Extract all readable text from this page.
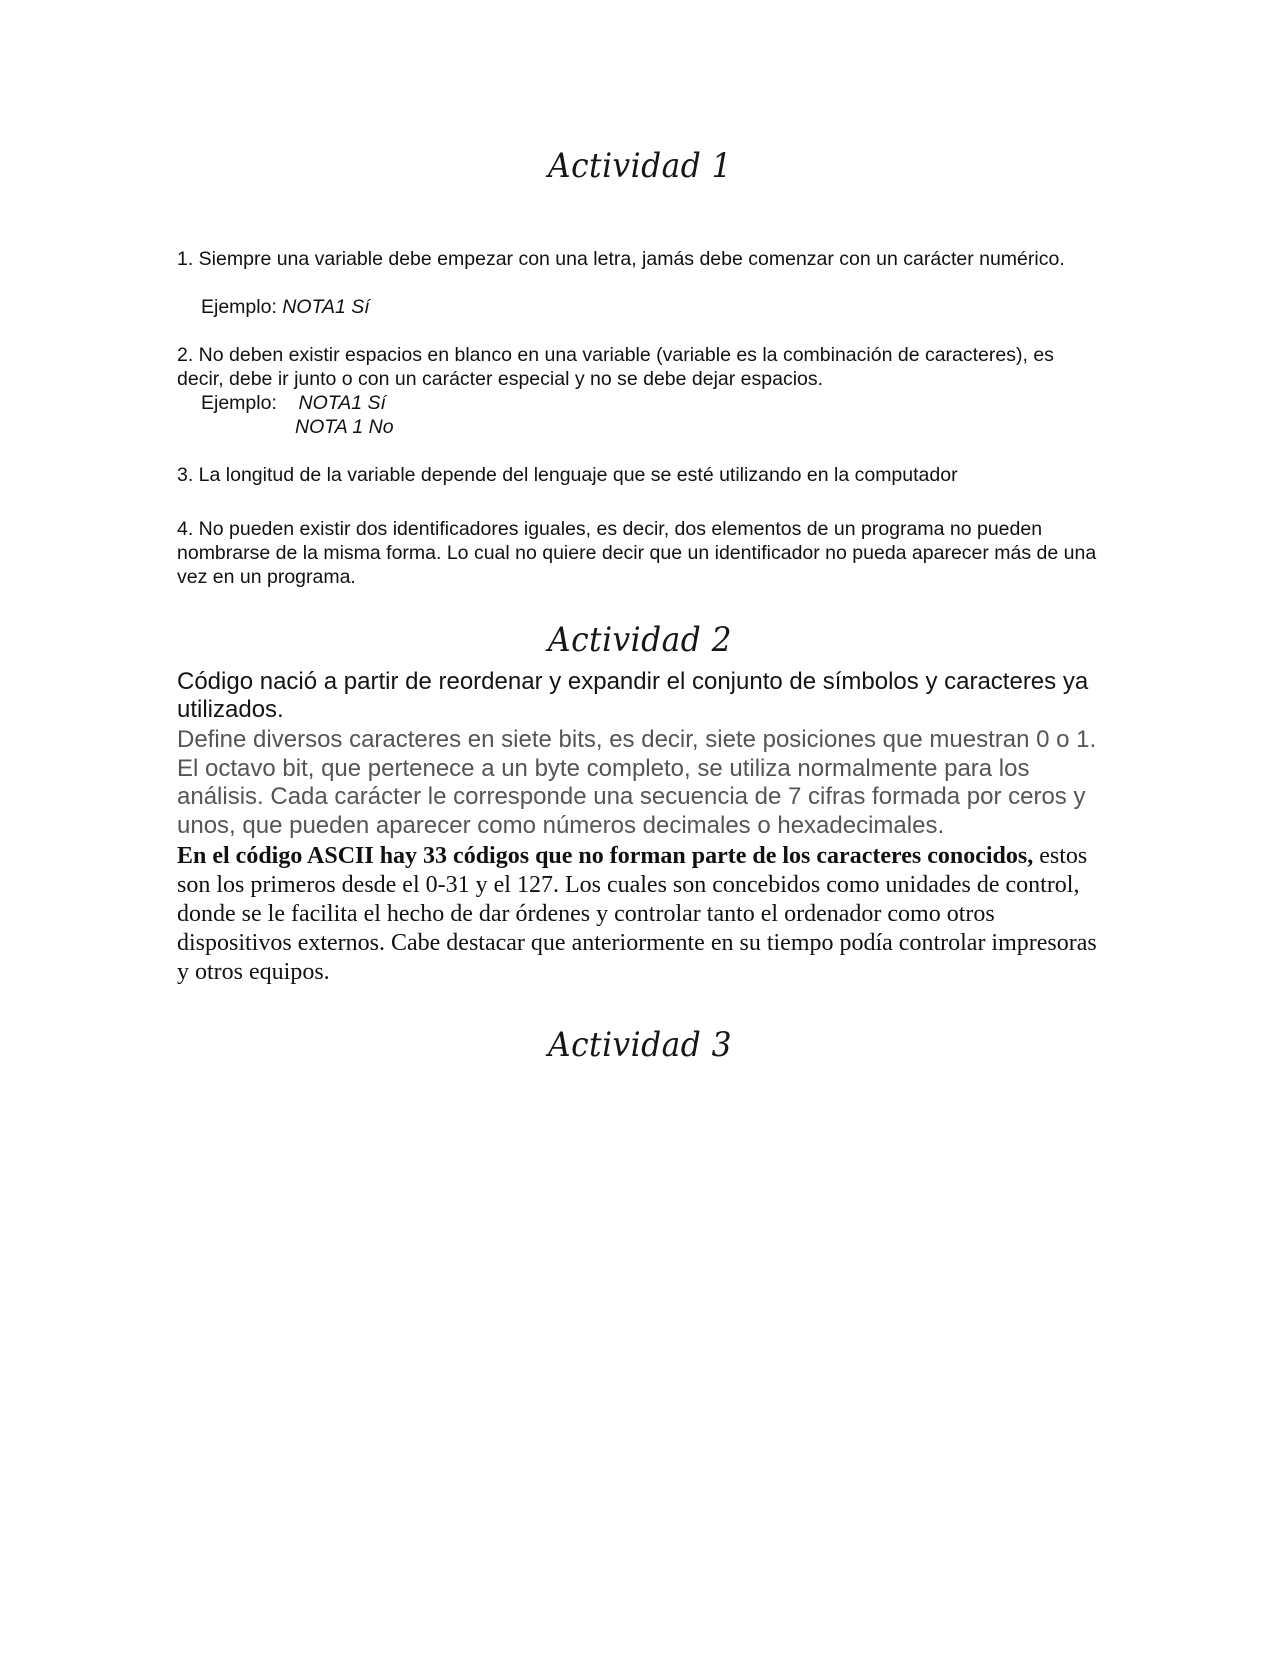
Actividad 1
1. Siempre una variable debe empezar con una letra, jamás debe comenzar con un carácter numérico.
Ejemplo: NOTA1 Sí
2. No deben existir espacios en blanco en una variable (variable es la combinación de caracteres), es decir, debe ir junto o con un carácter especial y no se debe dejar espacios.
Ejemplo:    NOTA1 Sí
NOTA 1 No
3. La longitud de la variable depende del lenguaje que se esté utilizando en la computador
4. No pueden existir dos identificadores iguales, es decir, dos elementos de un programa no pueden nombrarse de la misma forma. Lo cual no quiere decir que un identificador no pueda aparecer más de una vez en un programa.
Actividad 2
Código nació a partir de reordenar y expandir el conjunto de símbolos y caracteres ya utilizados.
Define diversos caracteres en siete bits, es decir, siete posiciones que muestran 0 o 1. El octavo bit, que pertenece a un byte completo, se utiliza normalmente para los análisis. Cada carácter le corresponde una secuencia de 7 cifras formada por ceros y unos, que pueden aparecer como números decimales o hexadecimales.
En el código ASCII hay 33 códigos que no forman parte de los caracteres conocidos, estos son los primeros desde el 0-31 y el 127. Los cuales son concebidos como unidades de control, donde se le facilita el hecho de dar órdenes y controlar tanto el ordenador como otros dispositivos externos. Cabe destacar que anteriormente en su tiempo podía controlar impresoras y otros equipos.
Actividad 3
